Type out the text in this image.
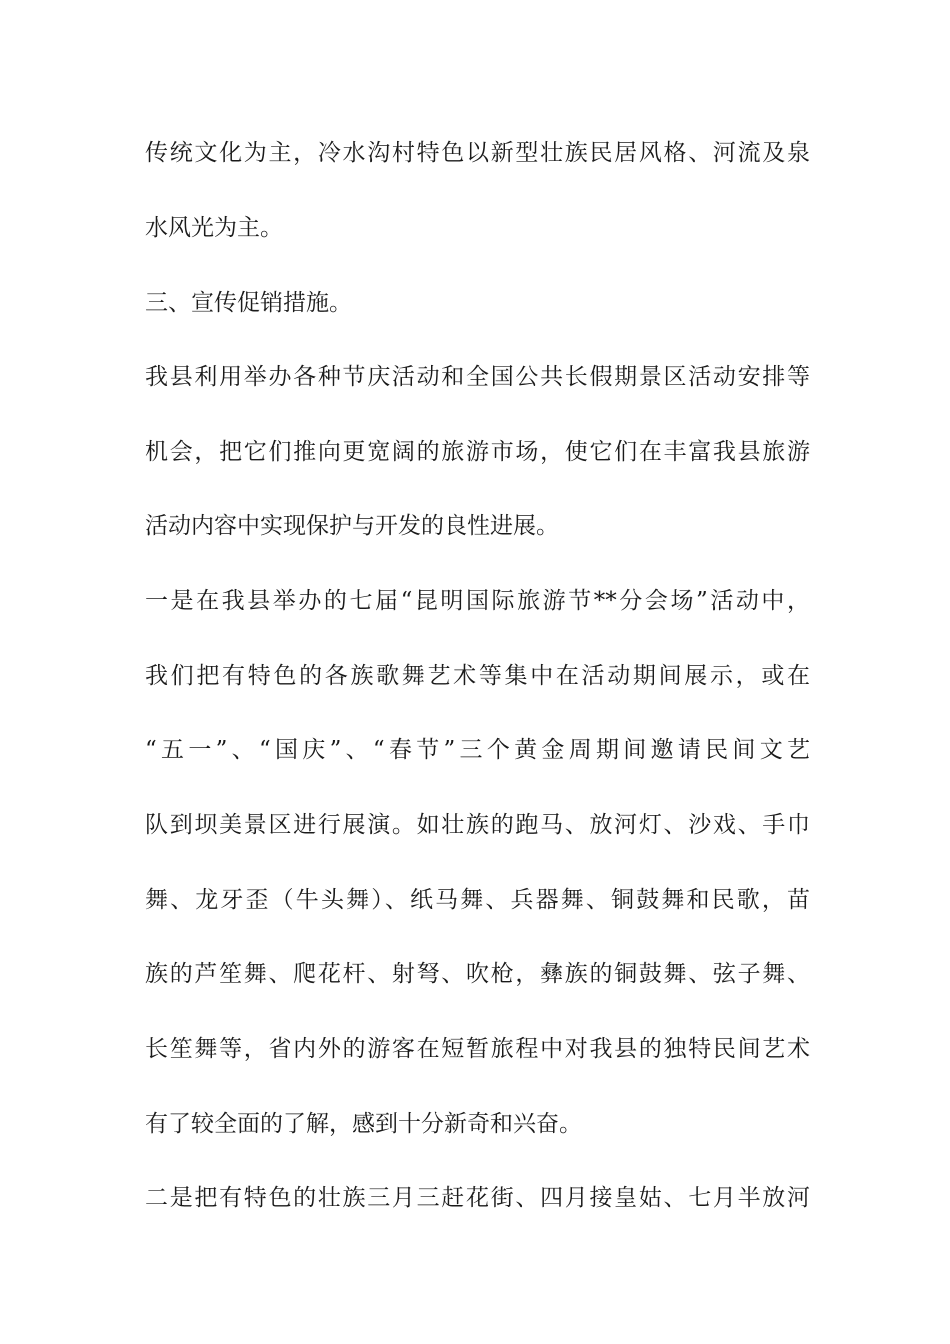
传统文化为主，冷水沟村特色以新型壮族民居风格、河流及泉
水风光为主。
三、宣传促销措施。
我县利用举办各种节庆活动和全国公共长假期景区活动安排等
机会，把它们推向更宽阔的旅游市场，使它们在丰富我县旅游
活动内容中实现保护与开发的良性进展。
一是在我县举办的七届“昆明国际旅游节**分会场”活动中，
我们把有特色的各族歌舞艺术等集中在活动期间展示，或在
“五一”、“国庆”、“春节”三个黄金周期间邀请民间文艺
队到坝美景区进行展演。如壮族的跑马、放河灯、沙戏、手巾
舞、龙牙歪（牛头舞）、纸马舞、兵器舞、铜鼓舞和民歌，苗
族的芦笙舞、爬花杆、射弩、吹枪，彝族的铜鼓舞、弦子舞、
长笙舞等，省内外的游客在短暂旅程中对我县的独特民间艺术
有了较全面的了解，感到十分新奇和兴奋。
二是把有特色的壮族三月三赶花街、四月接皇姑、七月半放河
